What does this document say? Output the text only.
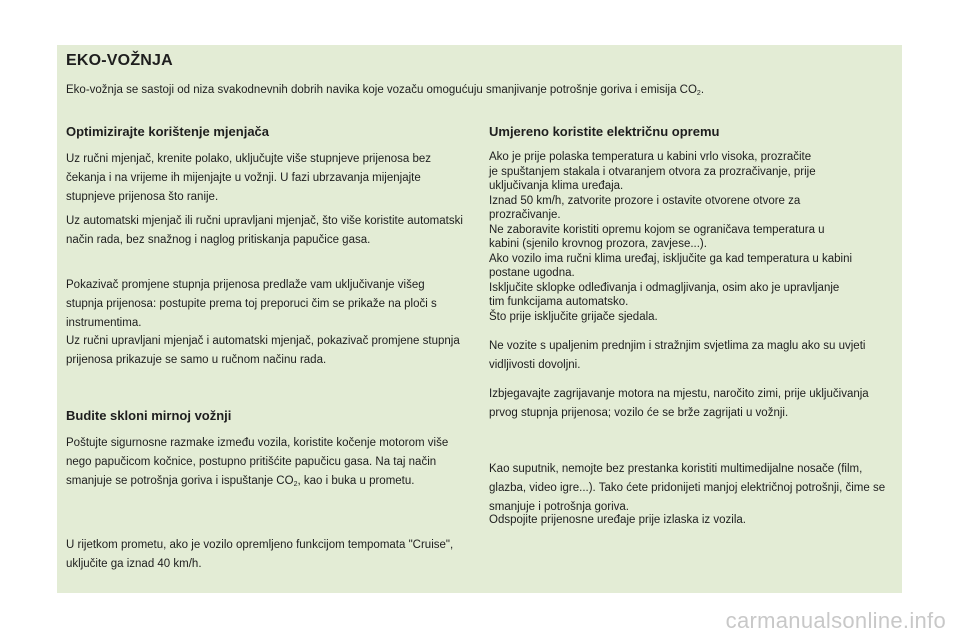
EKO-VOŽNJA

Eko-vožnja se sastoji od niza svakodnevnih dobrih navika koje vozaču omogućuju smanjivanje potrošnje goriva i emisija $CO_2$.

Optimizirajte korištenje mjenjača

Uz ručni mjenjač, krenite polako, uključujte više stupnjeve prijenosa bez čekanja i na vrijeme ih mijenjajte u vožnji. U fazi ubrzavanja mijenjajte stupnjeve prijenosa što ranije.

Uz automatski mjenjač ili ručni upravljani mjenjač, što više koristite automatski način rada, bez snažnog i naglog pritiskanja papučice gasa.

Pokazivač promjene stupnja prijenosa predlaže vam uključivanje višeg stupnja prijenosa: postupite prema toj preporuci čim se prikaže na ploči s instrumentima.

Uz ručni upravljani mjenjač i automatski mjenjač, pokazivač promjene stupnja prijenosa prikazuje se samo u ručnom načinu rada.

Budite skloni mirnoj vožnji

Poštujte sigurnosne razmake između vozila, koristite kočenje motorom više nego papučicom kočnice, postupno pritišćite papučicu gasa. Na taj način smanjuje se potrošnja goriva i ispuštanje $CO_2$, kao i buka u prometu.

U rijetkom prometu, ako je vozilo opremljeno funkcijom tempomata "Cruise", uključite ga iznad 40 km/h.

Umjereno koristite električnu opremu
Ako je prije polaska temperatura u kabini vrlo visoka, prozračite
je spuštanjem stakala i otvaranjem otvora za prozračivanje, prije
uključivanja klima uređaja.
Iznad 50 km/h, zatvorite prozore i ostavite otvorene otvore za
prozračivanje.
Ne zaboravite koristiti opremu kojom se ograničava temperatura u
kabini (sjenilo krovnog prozora, zavjese...).
Ako vozilo ima ručni klima uređaj, isključite ga kad temperatura u kabini
postane ugodna.
Isključite sklopke odleđivanja i odmagljivanja, osim ako je upravljanje
tim funkcijama automatsko.
Što prije isključite grijače sjedala.

Ne vozite s upaljenim prednjim i stražnjim svjetlima za maglu ako su uvjeti vidljivosti dovoljni.

Izbjegavajte zagrijavanje motora na mjestu, naročito zimi, prije uključivanja prvog stupnja prijenosa; vozilo će se brže zagrijati u vožnji.

Kao suputnik, nemojte bez prestanka koristiti multimedijalne nosače (film, glazba, video igre...). Tako ćete pridonijeti manjoj električnoj potrošnji, čime se smanjuje i potrošnja goriva.

Odspojite prijenosne uređaje prije izlaska iz vozila.

carmanualsonline.info
